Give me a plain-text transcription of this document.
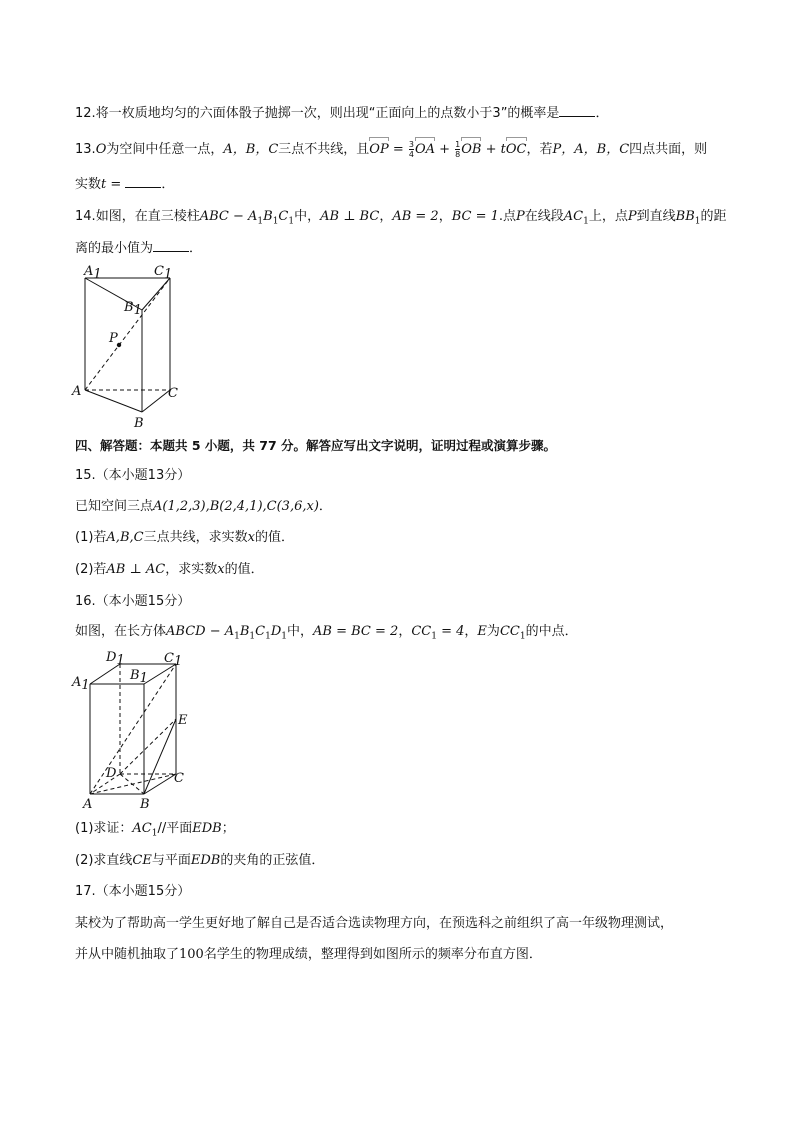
12.将一枚质地均匀的六面体骰子抛掷一次，则出现“正面向上的点数小于3”的概率是	．
13.O为空间中任意一点，A，B，C三点不共线，且OP = $\frac{3}{4}$ OA + $\frac{1}{8}$ OB + tOC，若P，A，B，C四点共面，则
实数t =	．
14.如图，在直三棱柱ABC − $A_1B_1C_1$中，AB ⊥ BC，AB = 2，BC = 1.点P在线段$AC_1$上，点P到直线$BB_1$的距
离的最小值为	．
A1	C1
B1
P
A	C
B
四、解答题：本题共 5 小题，共 77 分。解答应写出文字说明，证明过程或演算步骤。
15.（本小题13分）
已知空间三点A(1,2,3),B(2,4,1),C(3,6,x)．
(1)若A,B,C三点共线，求实数x的值．
(2)若AB ⊥ AC，求实数x的值．
16.（本小题15分）
如图，在长方体ABCD − $A_1B_1C_1D_1$中，AB = BC = 2，$CC_1 = 4$，E为$CC_1$的中点．
D1	C1
A1
B1
E
D	C
A	B
(1)求证：$AC_1//$平面EDB；
(2)求直线CE与平面EDB的夹角的正弦值．
17.（本小题15分）
某校为了帮助高一学生更好地了解自己是否适合选读物理方向，在预选科之前组织了高一年级物理测试，
并从中随机抽取了100名学生的物理成绩，整理得到如图所示的频率分布直方图．
